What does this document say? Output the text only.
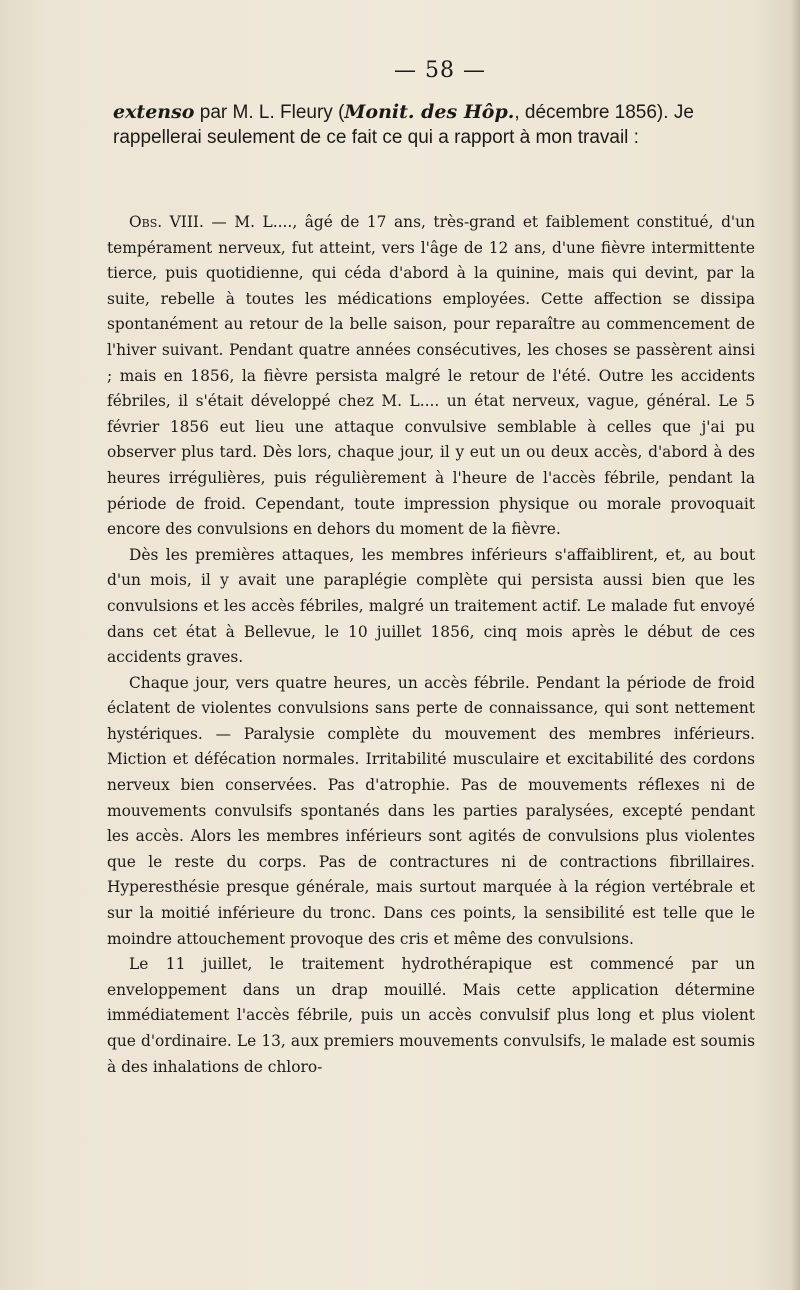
— 58 —
extenso par M. L. Fleury (Monit. des Hôp., décembre 1856). Je rappellerai seulement de ce fait ce qui a rapport à mon travail :

Obs. VIII. — M. L...., âgé de 17 ans, très-grand et faiblement constitué, d'un tempérament nerveux, fut atteint, vers l'âge de 12 ans, d'une fièvre intermittente tierce, puis quotidienne, qui céda d'abord à la quinine, mais qui devint, par la suite, rebelle à toutes les médications employées. Cette affection se dissipa spontanément au retour de la belle saison, pour reparaître au commencement de l'hiver suivant. Pendant quatre années consécutives, les choses se passèrent ainsi ; mais en 1856, la fièvre persista malgré le retour de l'été. Outre les accidents fébriles, il s'était développé chez M. L.... un état nerveux, vague, général. Le 5 février 1856 eut lieu une attaque convulsive semblable à celles que j'ai pu observer plus tard. Dès lors, chaque jour, il y eut un ou deux accès, d'abord à des heures irrégulières, puis régulièrement à l'heure de l'accès fébrile, pendant la période de froid. Cependant, toute impression physique ou morale provoquait encore des convulsions en dehors du moment de la fièvre.

Dès les premières attaques, les membres inférieurs s'affaiblirent, et, au bout d'un mois, il y avait une paraplégie complète qui persista aussi bien que les convulsions et les accès fébriles, malgré un traitement actif. Le malade fut envoyé dans cet état à Bellevue, le 10 juillet 1856, cinq mois après le début de ces accidents graves.

Chaque jour, vers quatre heures, un accès fébrile. Pendant la période de froid éclatent de violentes convulsions sans perte de connaissance, qui sont nettement hystériques. — Paralysie complète du mouvement des membres inférieurs. Miction et défécation normales. Irritabilité musculaire et excitabilité des cordons nerveux bien conservées. Pas d'atrophie. Pas de mouvements réflexes ni de mouvements convulsifs spontanés dans les parties paralysées, excepté pendant les accès. Alors les membres inférieurs sont agités de convulsions plus violentes que le reste du corps. Pas de contractures ni de contractions fibrillaires. Hyperesthésie presque générale, mais surtout marquée à la région vertébrale et sur la moitié inférieure du tronc. Dans ces points, la sensibilité est telle que le moindre attouchement provoque des cris et même des convulsions.

Le 11 juillet, le traitement hydrothérapique est commencé par un enveloppement dans un drap mouillé. Mais cette application détermine immédiatement l'accès fébrile, puis un accès convulsif plus long et plus violent que d'ordinaire. Le 13, aux premiers mouvements convulsifs, le malade est soumis à des inhalations de chloro-
